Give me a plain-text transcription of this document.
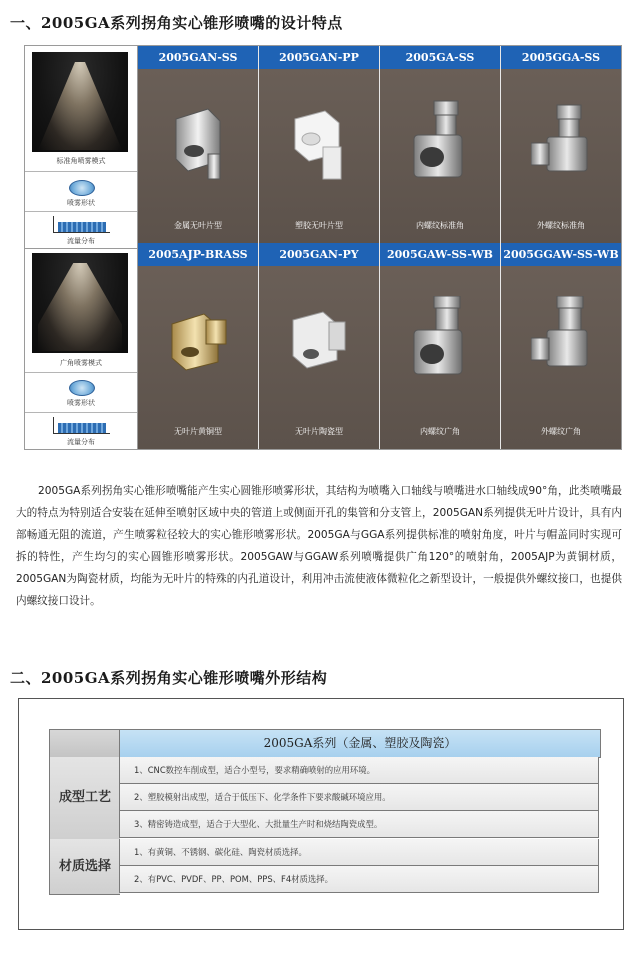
一、2005GA系列拐角实心锥形喷嘴的设计特点
标准角喷雾模式
喷雾形状
流量分布
广角喷雾模式
喷雾形状
流量分布
2005GAN-SS
金属无叶片型
2005AJP-BRASS
无叶片黄铜型
2005GAN-PP
塑胶无叶片型
2005GAN-PY
无叶片陶瓷型
2005GA-SS
内螺纹标准角
2005GAW-SS-WB
内螺纹广角
2005GGA-SS
外螺纹标准角
2005GGAW-SS-WB
外螺纹广角
2005GA系列拐角实心锥形喷嘴能产生实心圆锥形喷雾形状，其结构为喷嘴入口轴线与喷嘴进水口轴线成90°角，此类喷嘴最大的特点为特别适合安装在延伸至喷射区域中央的管道上或侧面开孔的集管和分支管上，2005GAN系列提供无叶片设计，具有内部畅通无阻的流道，产生喷雾粒径较大的实心锥形喷雾形状。2005GA与GGA系列提供标准的喷射角度，叶片与帽盖同时实现可拆的特性，产生均匀的实心圆锥形喷雾形状。2005GAW与GGAW系列喷嘴提供广角120°的喷射角，2005AJP为黄铜材质，2005GAN为陶瓷材质，均能为无叶片的特殊的内孔道设计，利用冲击流使液体微粒化之新型设计，一般提供外螺纹接口，也提供内螺纹接口设计。
二、2005GA系列拐角实心锥形喷嘴外形结构
2005GA系列（金属、塑胶及陶瓷）
成型工艺
1、CNC数控车削成型，适合小型号，要求精确喷射的应用环境。
2、塑胶模射出成型，适合于低压下、化学条件下要求酸碱环境应用。
3、精密铸造成型，适合于大型化、大批量生产时和烧结陶瓷成型。
材质选择
1、有黄铜、不锈钢、碳化硅、陶瓷材质选择。
2、有PVC、PVDF、PP、POM、PPS、F4材质选择。
